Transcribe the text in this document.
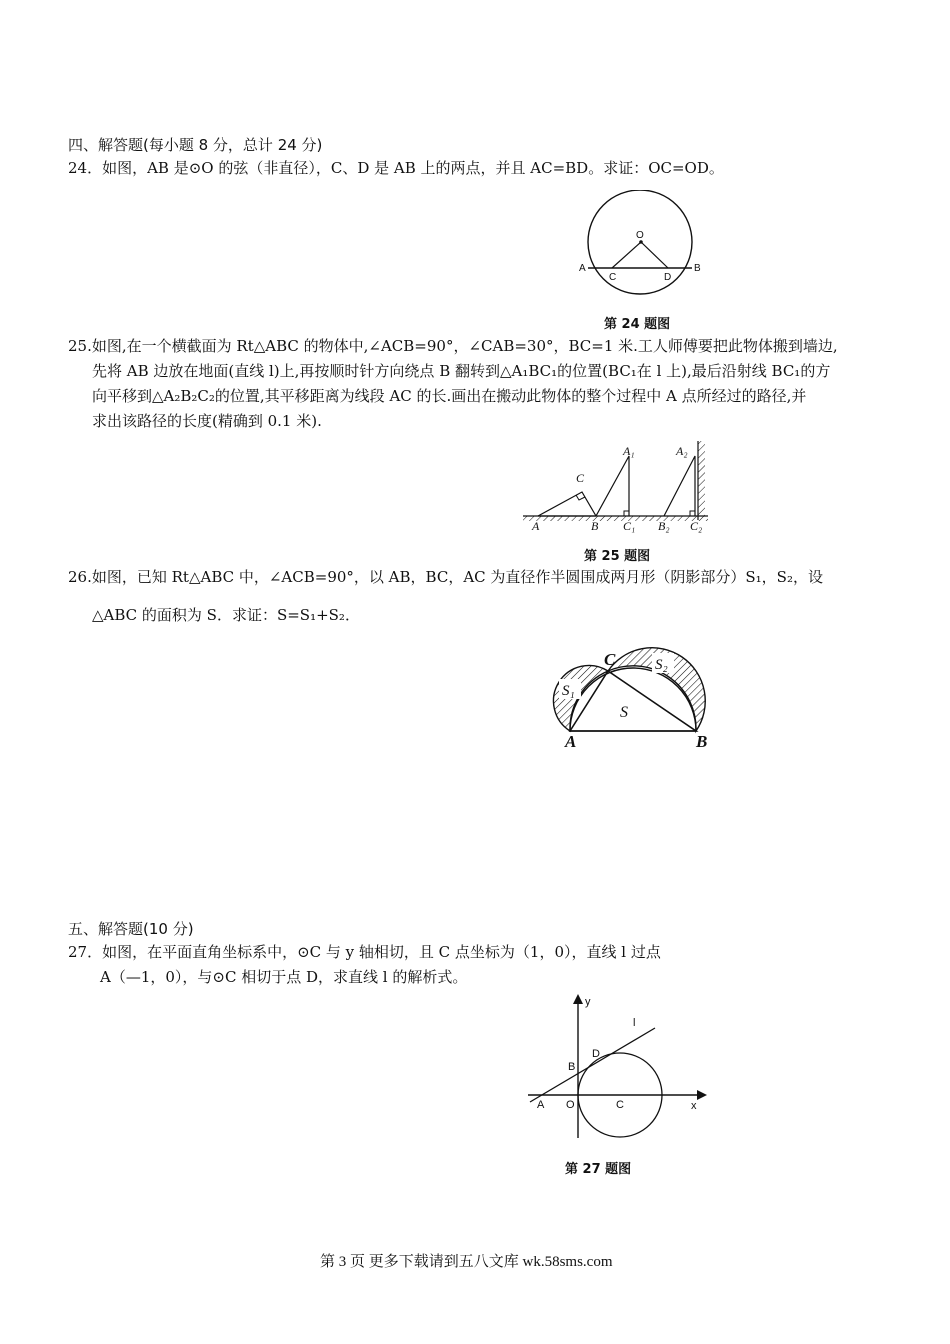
四、解答题(每小题 8 分，总计 24 分)
24．如图，AB 是⊙O 的弦（非直径），C、D 是 AB 上的两点，并且 AC=BD。求证：OC=OD。
O
A
C	D
B
第 24 题图
25.如图,在一个横截面为 Rt△ABC 的物体中,∠ACB=90°，∠CAB=30°，BC=1 米.工人师傅要把此物体搬到墙边,
先将 AB 边放在地面(直线 l)上,再按顺时针方向绕点 B 翻转到△A₁BC₁的位置(BC₁在 l 上),最后沿射线 BC₁的方
向平移到△A₂B₂C₂的位置,其平移距离为线段 AC 的长.画出在搬动此物体的整个过程中 A 点所经过的路径,并
求出该路径的长度(精确到 0.1 米).
A
C
B
A₁
C₁
A₂
B₂ C₂
第 25 题图
26.如图，已知 Rt△ABC 中，∠ACB=90°，以 AB，BC，AC 为直径作半圆围成两月形（阴影部分）S₁，S₂，设
△ABC 的面积为 S．求证：S=S₁+S₂．
C
S₁
S₂
S
A	B
五、解答题(10 分)
27．如图，在平面直角坐标系中，⊙C 与 y 轴相切，且 C 点坐标为（1，0），直线 l 过点
A（—1，0），与⊙C 相切于点 D，求直线 l 的解析式。
y
x
l
D
B
A O	C
第 27 题图
第 3 页 更多下载请到五八文库 wk.58sms.com
